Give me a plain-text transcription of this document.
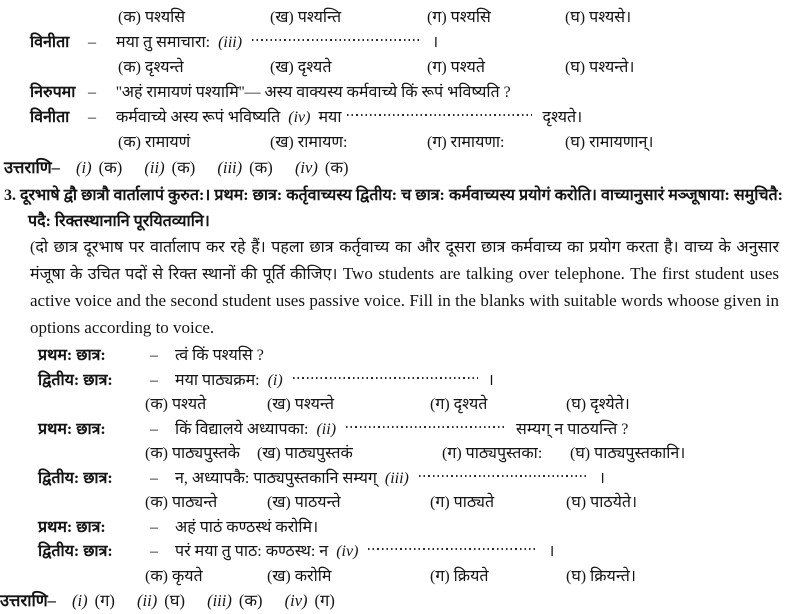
(क) पश्यसि	(ख) पश्यन्ति	(ग) पश्यसि	(घ) पश्यसे।
विनीता	–	मया तु समाचारा: (iii)	।
(क) दृश्यन्ते	(ख) दृश्यते	(ग) पश्यते	(घ) पश्यन्ते।
निरुपमा –	''अहं रामायणं पश्यामि''— अस्य वाक्यस्य कर्मवाच्ये किं रूपं भविष्यति ?
विनीता	–	कर्मवाच्ये अस्य रूपं भविष्यति (iv) मया	दृश्यते।
(क) रामायणं	(ख) रामायण:	(ग) रामायणा:	(घ) रामायणान्।
उत्तराणि– (i) (क) (ii) (क) (iii) (क) (iv) (क)
3. दूरभाषे द्वौ छात्रौ वार्तालापं कुरुत:। प्रथम: छात्र: कर्तृवाच्यस्य द्वितीय: च छात्र: कर्मवाच्यस्य प्रयोगं करोति। वाच्यानुसारं मञ्जूषाया: समुचितै: पदै: रिक्तस्थानानि पूरयितव्यानि।

(दो छात्र दूरभाष पर वार्तालाप कर रहे हैं। पहला छात्र कर्तृवाच्य का और दूसरा छात्र कर्मवाच्य का प्रयोग करता है। वाच्य के अनुसार मंजूषा के उचित पदों से रिक्त स्थानों की पूर्ति कीजिए। Two students are talking over telephone. The first student uses active voice and the second student uses passive voice. Fill in the blanks with suitable words whoose given in options according to voice.

प्रथम: छात्र:	–	त्वं किं पश्यसि ?
द्वितीय: छात्र:	–	मया पाठ्यक्रम: (i)	।
(क) पश्यते	(ख) पश्यन्ते	(ग) दृश्यते	(घ) दृश्येते।
प्रथम: छात्र:	–	किं विद्यालये अध्यापका: (ii)	सम्यग् न पाठयन्ति ?
(क) पाठ्यपुस्तके	(ख) पाठ्यपुस्तकं	(ग) पाठ्यपुस्तका:	(घ) पाठ्यपुस्तकानि।
द्वितीय: छात्र:	–	न, अध्यापकै: पाठ्यपुस्तकानि सम्यग् (iii)	।
(क) पाठ्यन्ते	(ख) पाठयन्ते	(ग) पाठ्यते	(घ) पाठयेते।
प्रथम: छात्र:	–	अहं पाठं कण्ठस्थं करोमि।
द्वितीय: छात्र:	–	परं मया तु पाठ: कण्ठस्थ: न (iv)	।
(क) कृयते	(ख) करोमि	(ग) क्रियते	(घ) क्रियन्ते।
उत्तराणि– (i) (ग) (ii) (घ) (iii) (क) (iv) (ग)
